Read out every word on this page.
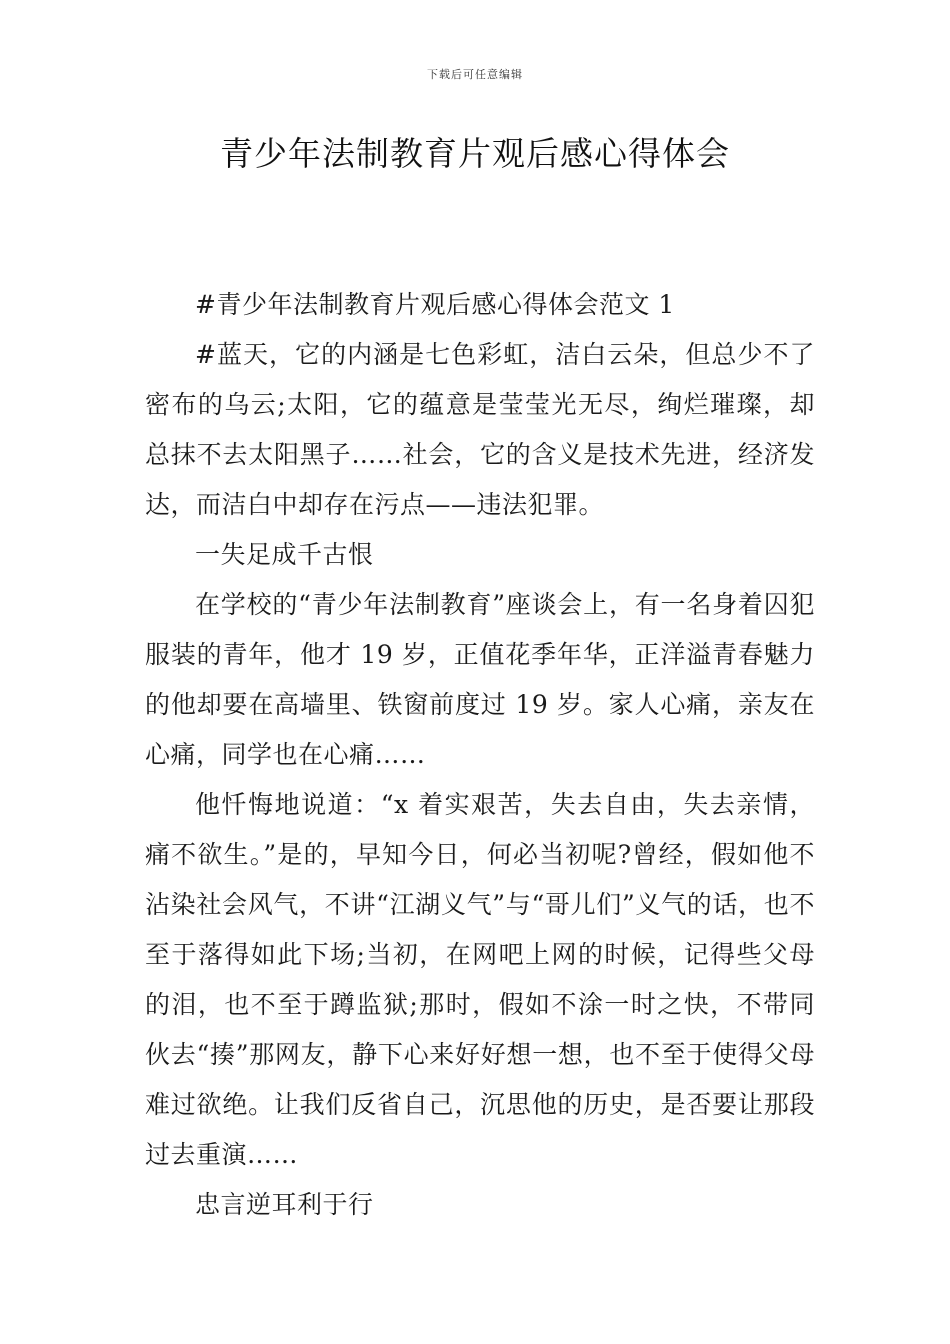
下载后可任意编辑
青少年法制教育片观后感心得体会

#青少年法制教育片观后感心得体会范文 1

#蓝天，它的内涵是七色彩虹，洁白云朵，但总少不了密布的乌云;太阳，它的蕴意是莹莹光无尽，绚烂璀璨，却总抹不去太阳黑子……社会，它的含义是技术先进，经济发达，而洁白中却存在污点——违法犯罪。

一失足成千古恨

在学校的“青少年法制教育”座谈会上，有一名身着囚犯服装的青年，他才 19 岁，正值花季年华，正洋溢青春魅力的他却要在高墙里、铁窗前度过 19 岁。家人心痛，亲友在心痛，同学也在心痛……

他忏悔地说道：“x 着实艰苦，失去自由，失去亲情，痛不欲生。”是的，早知今日，何必当初呢?曾经，假如他不沾染社会风气，不讲“江湖义气”与“哥儿们”义气的话，也不至于落得如此下场;当初，在网吧上网的时候，记得些父母的泪，也不至于蹲监狱;那时，假如不涂一时之快，不带同伙去“揍”那网友，静下心来好好想一想，也不至于使得父母难过欲绝。让我们反省自己，沉思他的历史，是否要让那段过去重演……

忠言逆耳利于行
